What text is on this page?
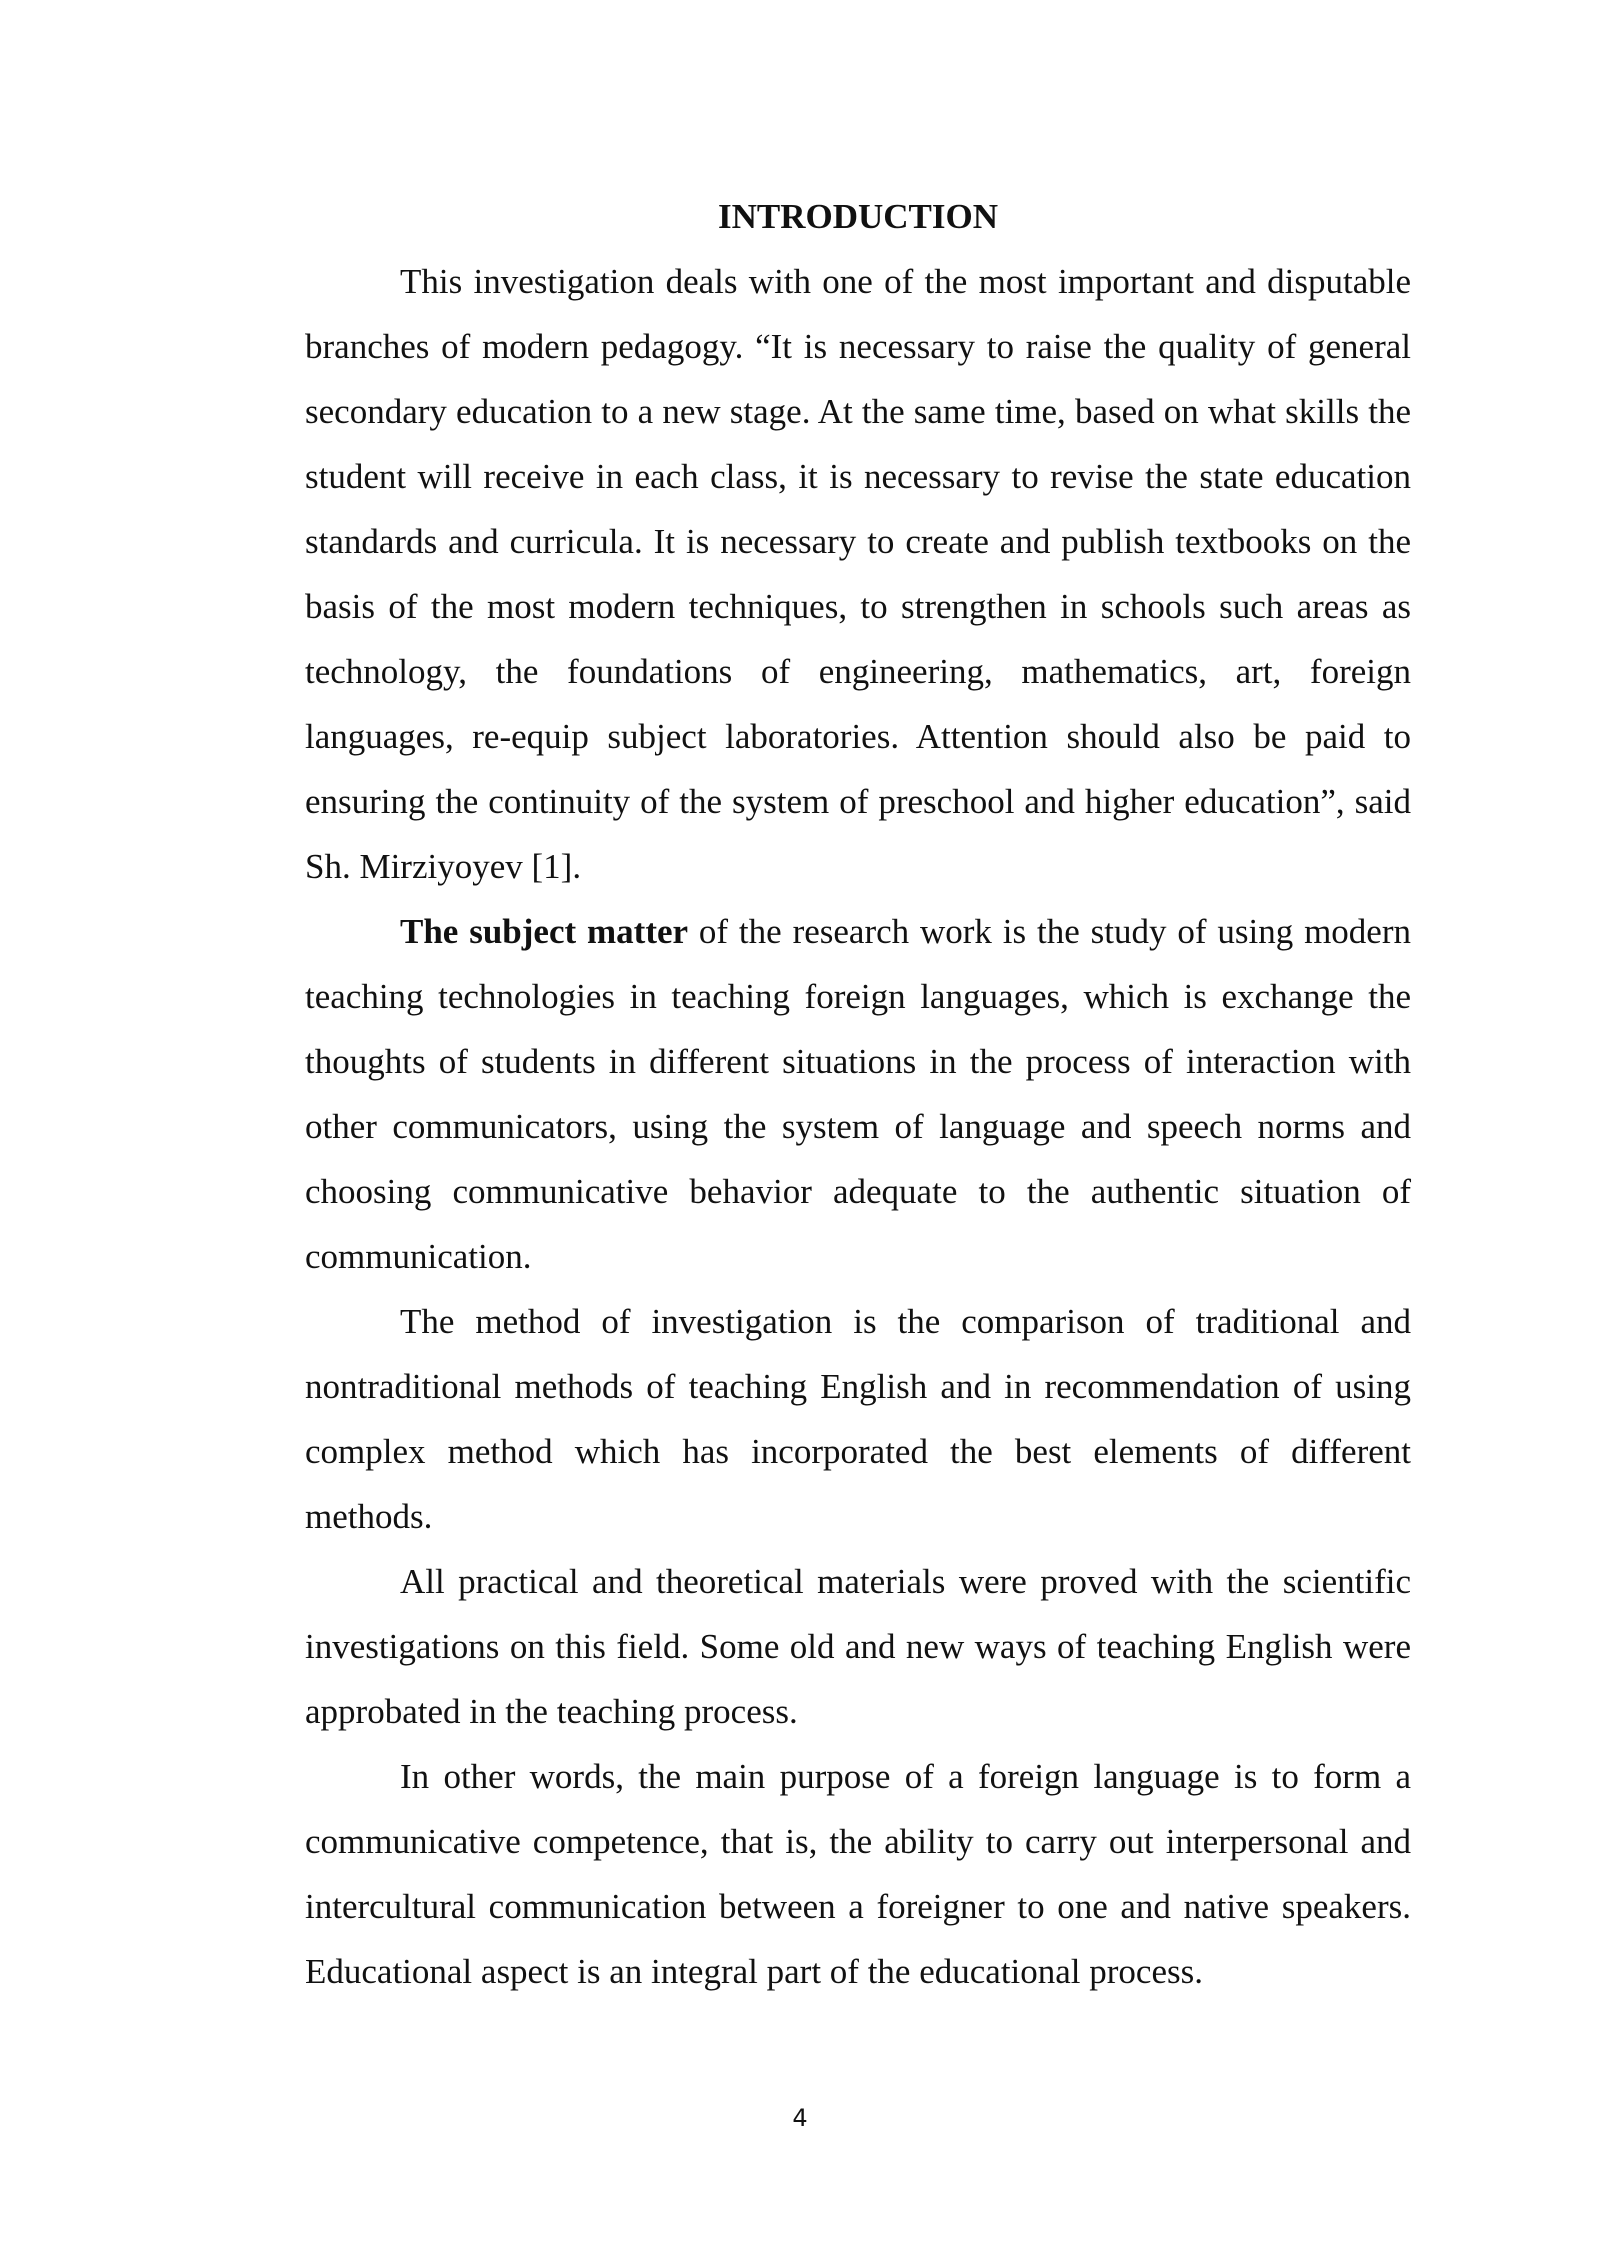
INTRODUCTION

This investigation deals with one of the most important and disputable branches of modern pedagogy. “It is necessary to raise the quality of general secondary education to a new stage. At the same time, based on what skills the student will receive in each class, it is necessary to revise the state education standards and curricula. It is necessary to create and publish textbooks on the basis of the most modern techniques, to strengthen in schools such areas as technology, the foundations of engineering, mathematics, art, foreign languages, re-equip subject laboratories. Attention should also be paid to ensuring the continuity of the system of preschool and higher education”, said Sh. Mirziyoyev [1].

The subject matter of the research work is the study of using modern teaching technologies in teaching foreign languages, which is exchange the thoughts of students in different situations in the process of interaction with other communicators, using the system of language and speech norms and choosing communicative behavior adequate to the authentic situation of communication.

The method of investigation is the comparison of traditional and nontraditional methods of teaching English and in recommendation of using complex method which has incorporated the best elements of different methods.

All practical and theoretical materials were proved with the scientific investigations on this field. Some old and new ways of teaching English were approbated in the teaching process.

In other words, the main purpose of a foreign language is to form a communicative competence, that is, the ability to carry out interpersonal and intercultural communication between a foreigner to one and native speakers. Educational aspect is an integral part of the educational process.

4
